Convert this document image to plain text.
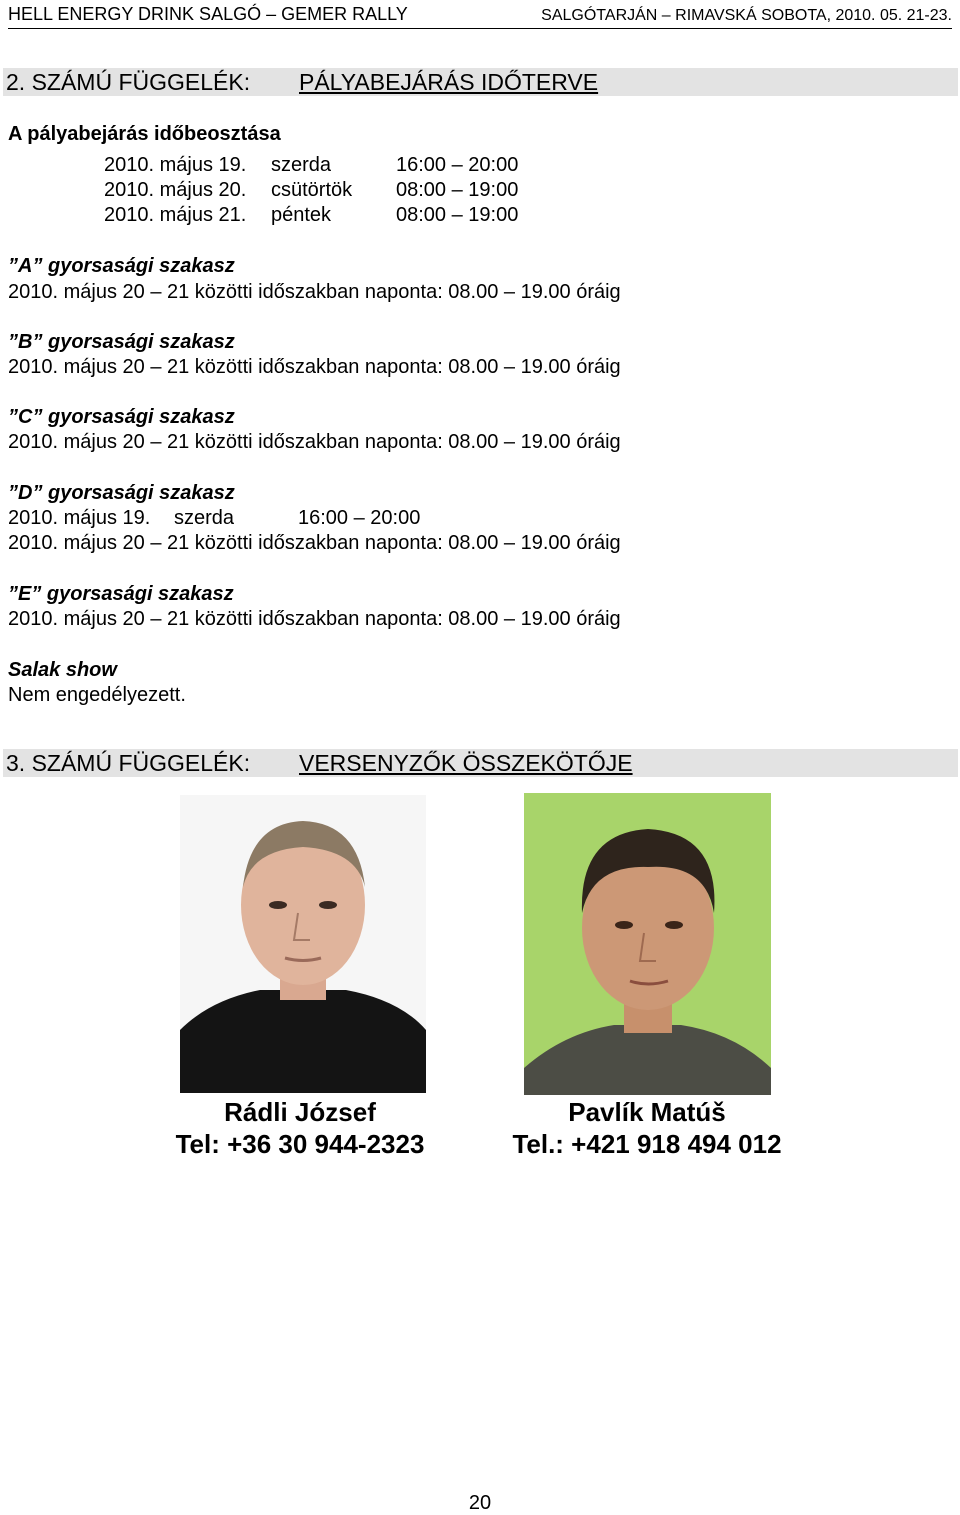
HELL ENERGY DRINK SALGÓ – GEMER RALLY	SALGÓTARJÁN – RIMAVSKÁ SOBOTA, 2010. 05. 21-23.
2. SZÁMÚ FÜGGELÉK: PÁLYABEJÁRÁS IDŐTERVE
A pályabejárás időbeosztása
2010. május 19. szerda	16:00 – 20:00
2010. május 20. csütörtök 08:00 – 19:00
2010. május 21. péntek	08:00 – 19:00
”A” gyorsasági szakasz
2010. május 20 – 21 közötti időszakban naponta: 08.00 – 19.00 óráig
”B” gyorsasági szakasz
2010. május 20 – 21 közötti időszakban naponta: 08.00 – 19.00 óráig
”C” gyorsasági szakasz
2010. május 20 – 21 közötti időszakban naponta: 08.00 – 19.00 óráig
”D” gyorsasági szakasz
2010. május 19. szerda	16:00 – 20:00
2010. május 20 – 21 közötti időszakban naponta: 08.00 – 19.00 óráig
”E” gyorsasági szakasz
2010. május 20 – 21 közötti időszakban naponta: 08.00 – 19.00 óráig
Salak show
Nem engedélyezett.
3. SZÁMÚ FÜGGELÉK: VERSENYZŐK ÖSSZEKÖTŐJE
Rádli József
Tel: +36 30 944-2323
Pavlík Matúš
Tel.: +421 918 494 012
20
